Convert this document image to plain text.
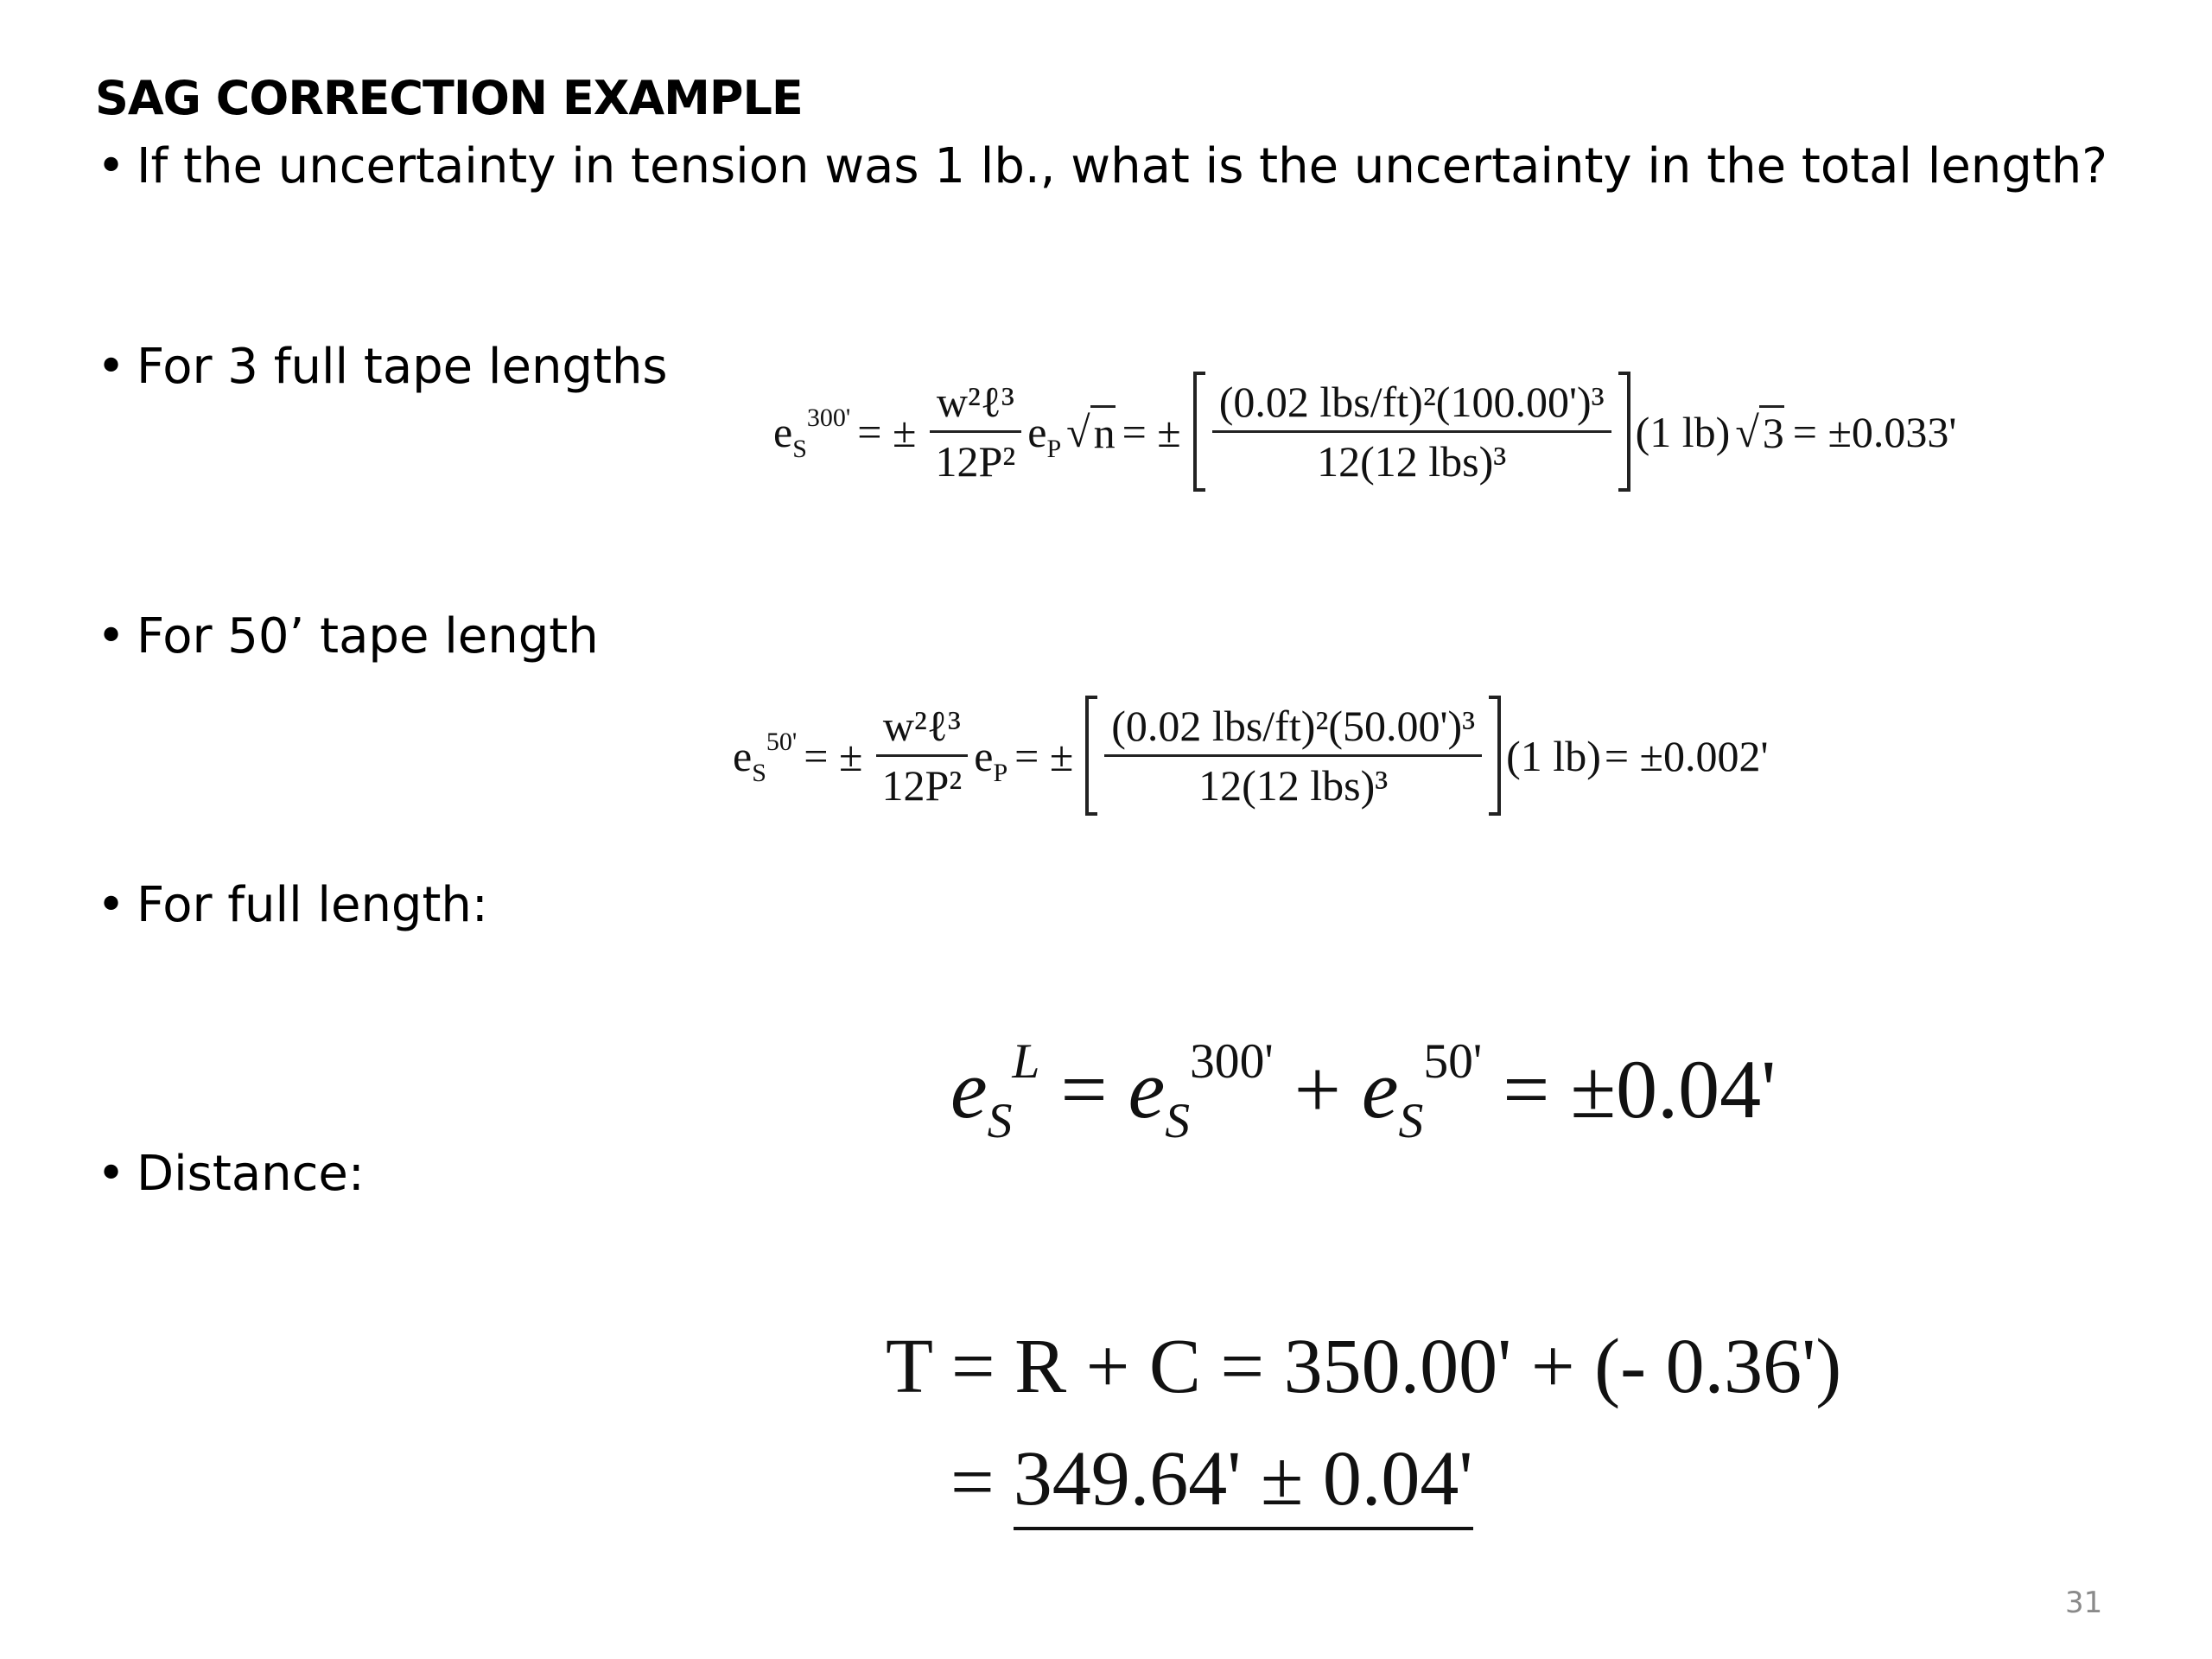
SAG CORRECTION EXAMPLE
• If the uncertainty in tension was 1 lb., what is the uncertainty in the total length?
• For 3 full tape lengths
• For 50’ tape length
• For full length:
• Distance:
$e_S^{300'}$ = ± $\frac{\text{w²ℓ³}}{\text{12P²}} e_P$ √ n = ± $\frac{\text{(0.02 lbs/ft)²(100.00')³}}{\text{12(12 lbs)³}} (1$ lb) √ 3 = ±0.033'
$e_S^{50'}$ = ± $\frac{\text{w²ℓ³}}{\text{12P²}} e_P$ = ± $\frac{\text{(0.02 lbs/ft)²(50.00')³}}{\text{12(12 lbs)³}} (1$ lb) = ±0.002'
$e_S^L = e_S^{300'} + e_S^{50'} = \pm 0.04'$
T = R + C = 350.00' + (- 0.36')
= 349.64' ± 0.04'
31
